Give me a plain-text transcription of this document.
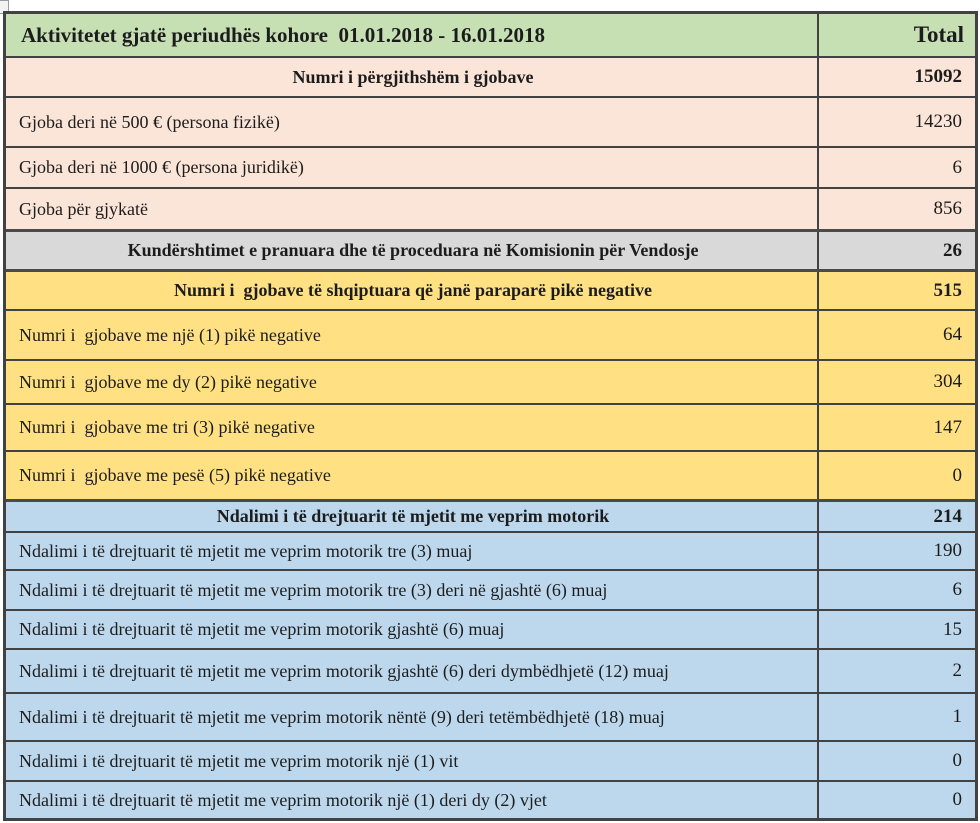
Aktivitetet gjatë periudhës kohore  01.01.2018 - 16.01.2018	Total
Numri i përgjithshëm i gjobave	15092
Gjoba deri në 500 € (persona fizikë)	14230
Gjoba deri në 1000 € (persona juridikë)	6
Gjoba për gjykatë	856
Kundërshtimet e pranuara dhe të proceduara në Komisionin për Vendosje	26
Numri i  gjobave të shqiptuara që janë paraparë pikë negative	515
Numri i  gjobave me një (1) pikë negative	64
Numri i  gjobave me dy (2) pikë negative	304
Numri i  gjobave me tri (3) pikë negative	147
Numri i  gjobave me pesë (5) pikë negative	0
Ndalimi i të drejtuarit të mjetit me veprim motorik	214
Ndalimi i të drejtuarit të mjetit me veprim motorik tre (3) muaj	190
Ndalimi i të drejtuarit të mjetit me veprim motorik tre (3) deri në gjashtë (6) muaj	6
Ndalimi i të drejtuarit të mjetit me veprim motorik gjashtë (6) muaj	15
Ndalimi i të drejtuarit të mjetit me veprim motorik gjashtë (6) deri dymbëdhjetë (12) muaj	2
Ndalimi i të drejtuarit të mjetit me veprim motorik nëntë (9) deri tetëmbëdhjetë (18) muaj	1
Ndalimi i të drejtuarit të mjetit me veprim motorik një (1) vit	0
Ndalimi i të drejtuarit të mjetit me veprim motorik një (1) deri dy (2) vjet	0
